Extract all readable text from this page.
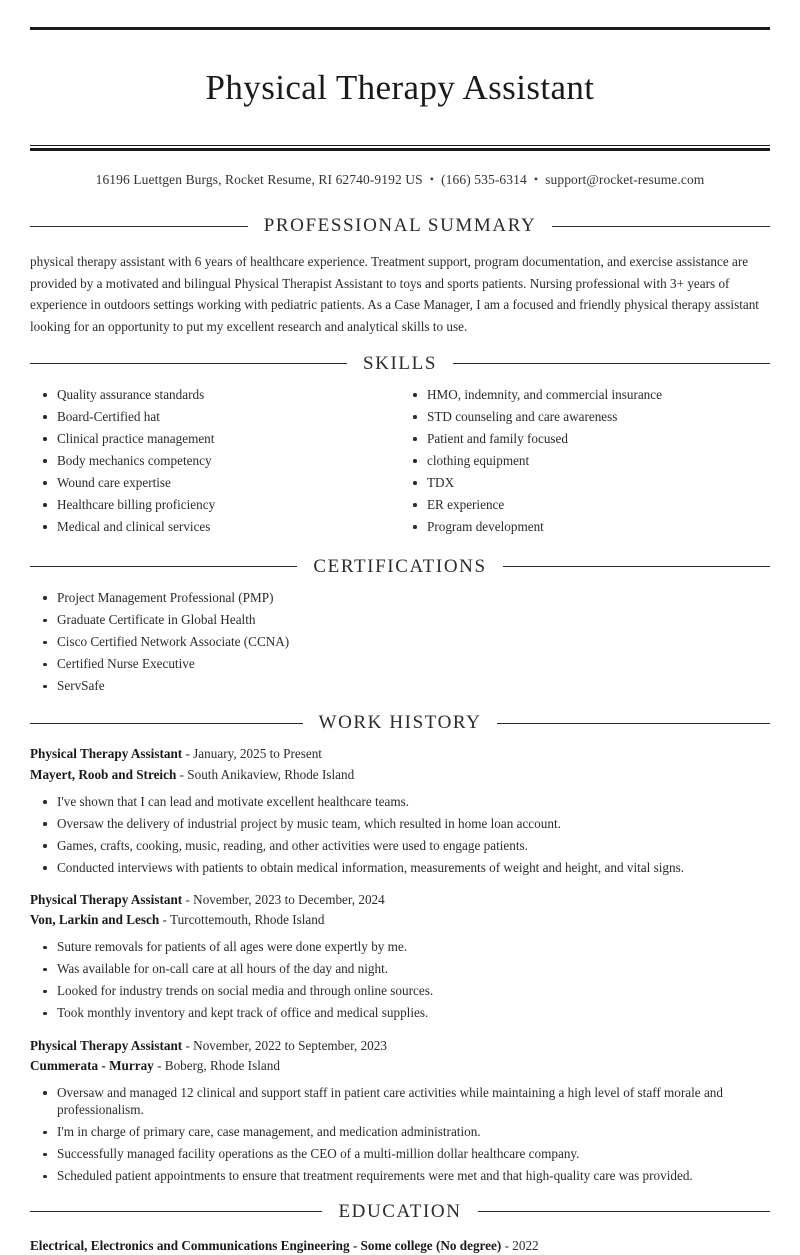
Physical Therapy Assistant
16196 Luettgen Burgs, Rocket Resume, RI 62740-9192 US • (166) 535-6314 • support@rocket-resume.com
PROFESSIONAL SUMMARY

physical therapy assistant with 6 years of healthcare experience. Treatment support, program documentation, and exercise assistance are provided by a motivated and bilingual Physical Therapist Assistant to toys and sports patients. Nursing professional with 3+ years of experience in outdoors settings working with pediatric patients. As a Case Manager, I am a focused and friendly physical therapy assistant looking for an opportunity to put my excellent research and analytical skills to use.

SKILLS
Quality assurance standards
Board-Certified hat
Clinical practice management
Body mechanics competency
Wound care expertise
Healthcare billing proficiency
Medical and clinical services
HMO, indemnity, and commercial insurance
STD counseling and care awareness
Patient and family focused
clothing equipment
TDX
ER experience
Program development
CERTIFICATIONS
Project Management Professional (PMP)
Graduate Certificate in Global Health
Cisco Certified Network Associate (CCNA)
Certified Nurse Executive
ServSafe
WORK HISTORY
Physical Therapy Assistant - January, 2025 to Present
Mayert, Roob and Streich - South Anikaview, Rhode Island
I've shown that I can lead and motivate excellent healthcare teams.
Oversaw the delivery of industrial project by music team, which resulted in home loan account.
Games, crafts, cooking, music, reading, and other activities were used to engage patients.
Conducted interviews with patients to obtain medical information, measurements of weight and height, and vital signs.
Physical Therapy Assistant - November, 2023 to December, 2024
Von, Larkin and Lesch - Turcottemouth, Rhode Island
Suture removals for patients of all ages were done expertly by me.
Was available for on-call care at all hours of the day and night.
Looked for industry trends on social media and through online sources.
Took monthly inventory and kept track of office and medical supplies.
Physical Therapy Assistant - November, 2022 to September, 2023
Cummerata - Murray - Boberg, Rhode Island
Oversaw and managed 12 clinical and support staff in patient care activities while maintaining a high level of staff morale and professionalism.
I'm in charge of primary care, case management, and medication administration.
Successfully managed facility operations as the CEO of a multi-million dollar healthcare company.
Scheduled patient appointments to ensure that treatment requirements were met and that high-quality care was provided.
EDUCATION
Electrical, Electronics and Communications Engineering - Some college (No degree) - 2022
